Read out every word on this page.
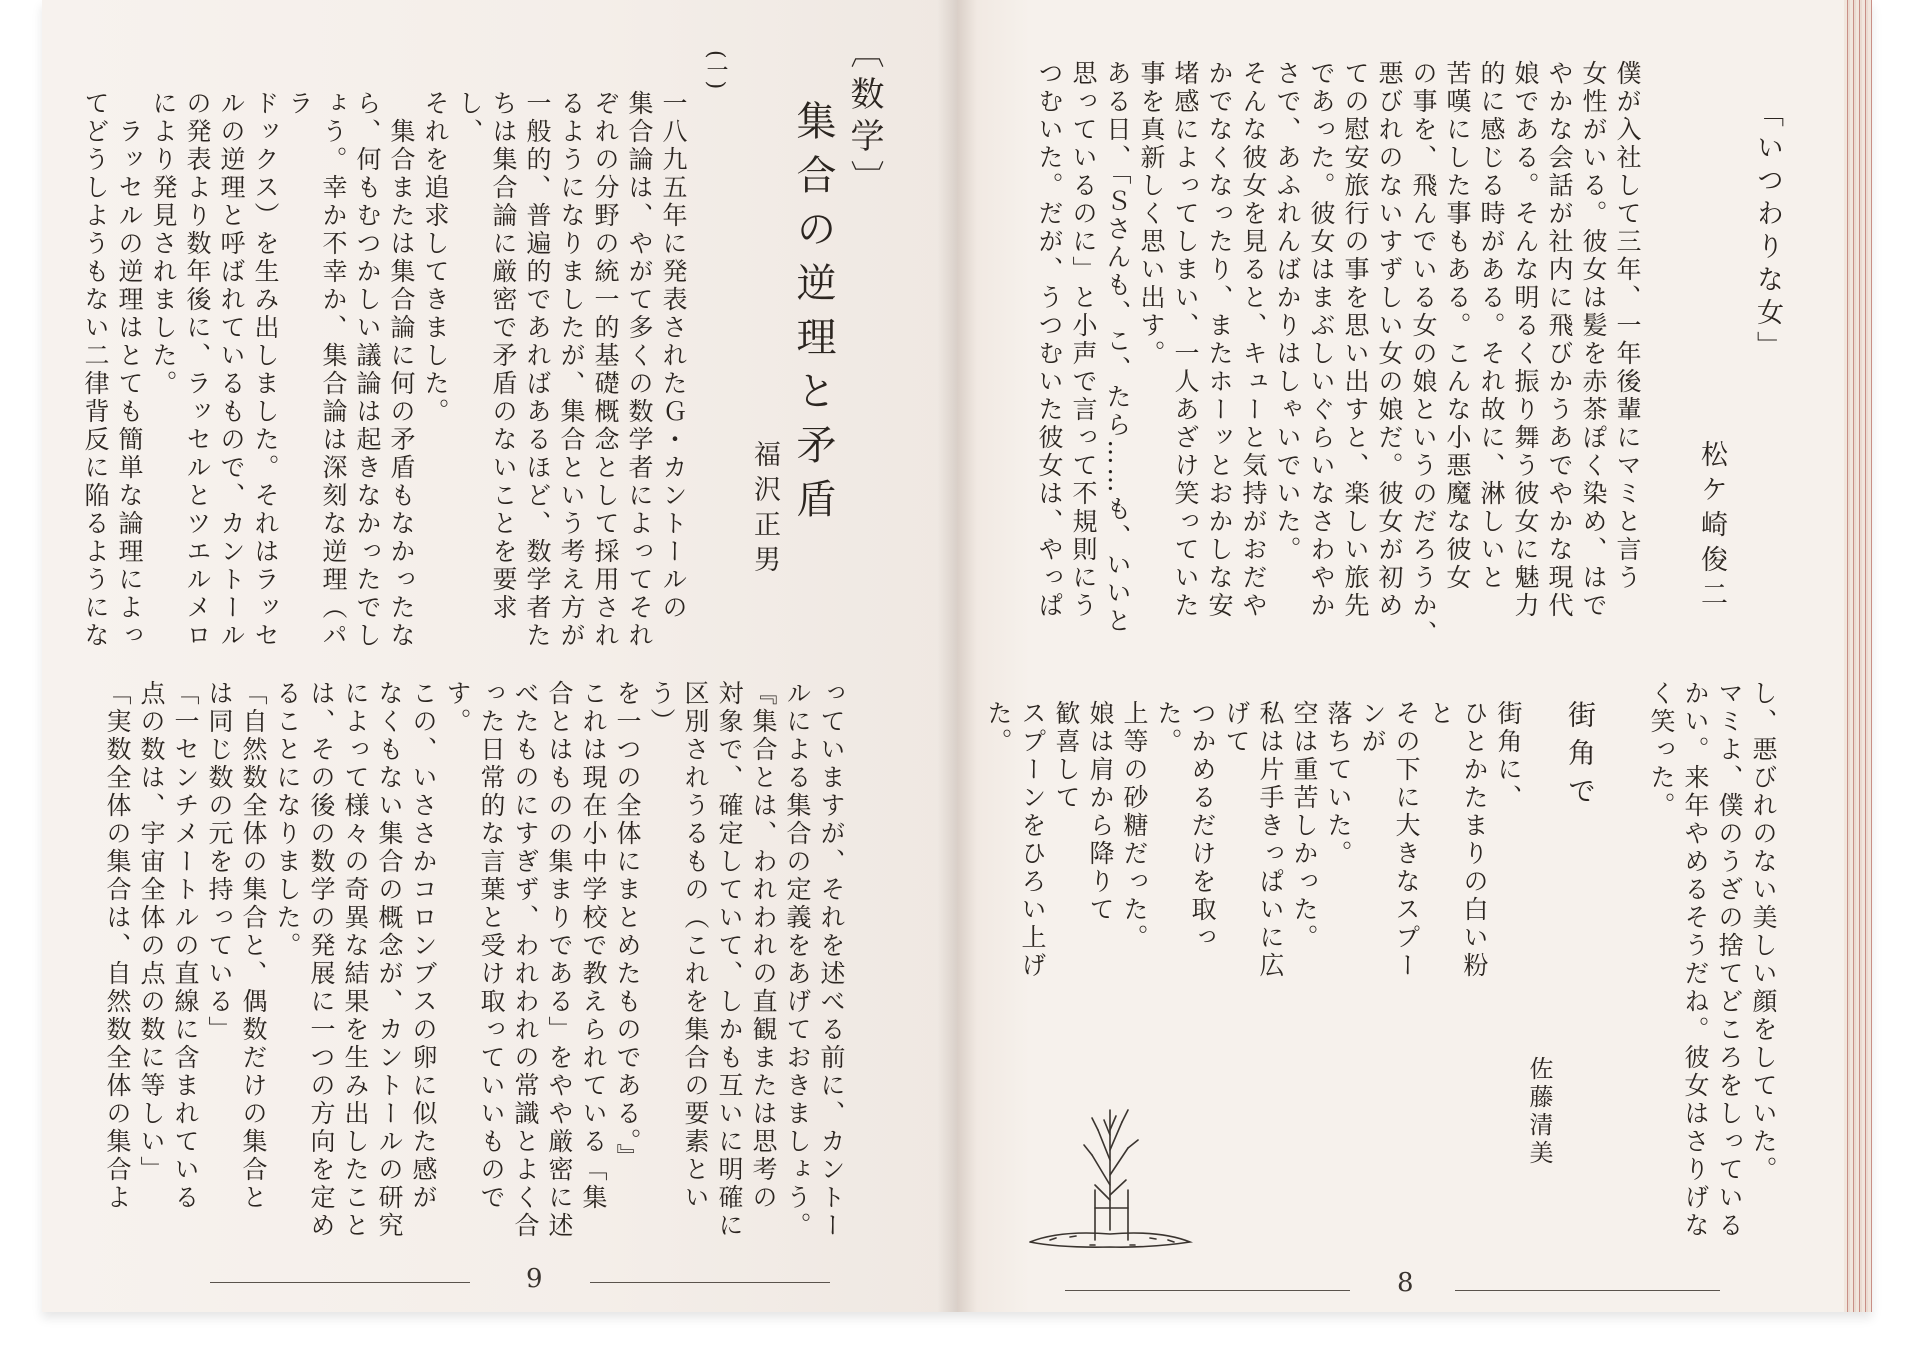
〔数学〕
集合の逆理と矛盾
福沢正男
(一)
一八九五年に発表されたＧ・カントールの
集合論は、やがて多くの数学者によってそれ
ぞれの分野の統一的基礎概念として採用され
るようになりましたが、集合という考え方が
一般的、普遍的であればあるほど、数学者た
ちは集合論に厳密で矛盾のないことを要求し、
それを追求してきました。
　集合または集合論に何の矛盾もなかったな
ら、何もむつかしい議論は起きなかったでし
ょう。幸か不幸か、集合論は深刻な逆理（パラ
ドックス）を生み出しました。それはラッセ
ルの逆理と呼ばれているもので、カントール
の発表より数年後に、ラッセルとツエルメロ
により発見されました。
　ラッセルの逆理はとても簡単な論理によっ
てどうしようもない二律背反に陥るようにな
っていますが、それを述べる前に、カントー
ルによる集合の定義をあげておきましょう。
『集合とは、われわれの直観または思考の
対象で、確定していて、しかも互いに明確に
区別されうるもの（これを集合の要素という）
を一つの全体にまとめたものである。』
これは現在小中学校で教えられている「集
合とはものの集まりである」をやや厳密に述
べたものにすぎず、われわれの常識とよく合
った日常的な言葉と受け取っていいものです。
この、いささかコロンブスの卵に似た感が
なくもない集合の概念が、カントールの研究
によって様々の奇異な結果を生み出したこと
は、その後の数学の発展に一つの方向を定め
ることになりました。
「自然数全体の集合と、偶数だけの集合と
は同じ数の元を持っている」
「一センチメートルの直線に含まれている
点の数は、宇宙全体の点の数に等しい」
「実数全体の集合は、自然数全体の集合よ
9
「いつわりな女」
松ケ崎俊二
僕が入社して三年、一年後輩にマミと言う
女性がいる。彼女は髪を赤茶ぽく染め、はで
やかな会話が社内に飛びかうあでやかな現代
娘である。そんな明るく振り舞う彼女に魅力
的に感じる時がある。それ故に、淋しいと
苦嘆にした事もある。こんな小悪魔な彼女
の事を、飛んでいる女の娘というのだろうか、
悪びれのないすずしい女の娘だ。彼女が初め
ての慰安旅行の事を思い出すと、楽しい旅先
であった。彼女はまぶしいぐらいなさわやか
さで、あふれんばかりはしゃいでいた。
そんな彼女を見ると、キューと気持がおだや
かでなくなったり、またホーッとおかしな安
堵感によってしまい、一人あざけ笑っていた
事を真新しく思い出す。
ある日、「Ｓさんも、こ、たら……も、いいと
思っているのに」と小声で言って不規則にう
つむいた。だが、うつむいた彼女は、やっぱ
し、悪びれのない美しい顔をしていた。
マミよ、僕のうざの捨てどころをしっている
かい。来年やめるそうだね。彼女はさりげな
く笑った。
街角で
街角に、
ひとかたまりの白い粉と
その下に大きなスプーンが
落ちていた。
空は重苦しかった。
私は片手きっぱいに広げて
つかめるだけを取った。
上等の砂糖だった。
娘は肩から降りて
歓喜して
スプーンをひろい上げた。
佐藤清美
8
